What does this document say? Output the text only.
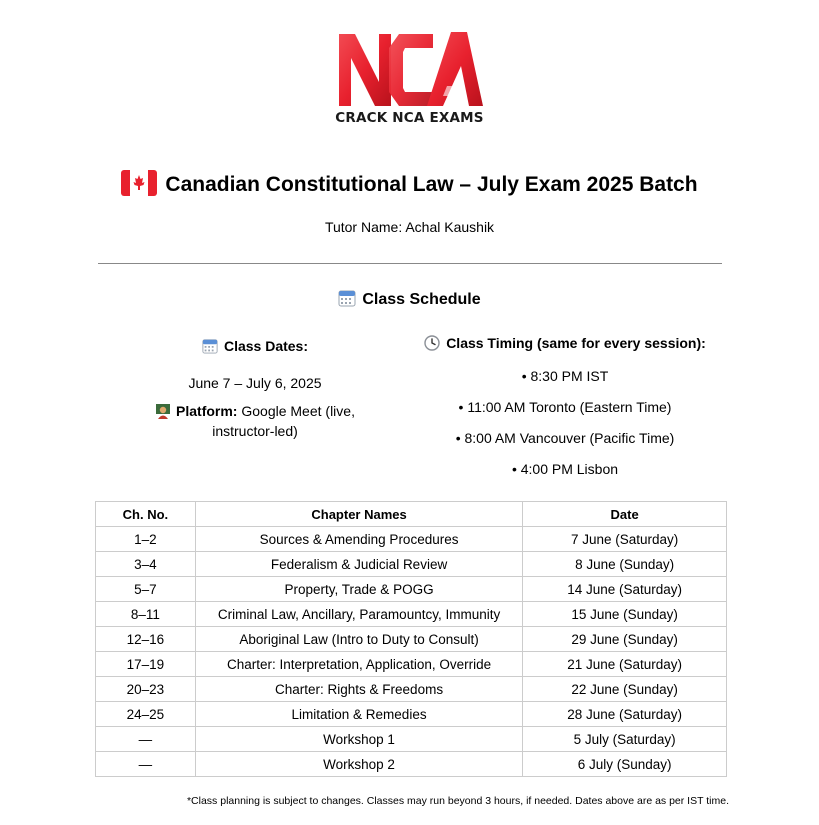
CRACK NCA EXAMS
Canadian Constitutional Law – July Exam 2025 Batch
Tutor Name: Achal Kaushik
Class Schedule
Class Dates:
June 7 – July 6, 2025
Platform: Google Meet (live, instructor-led)
Class Timing (same for every session):
• 8:30 PM IST
• 11:00 AM Toronto (Eastern Time)
• 8:00 AM Vancouver (Pacific Time)
• 4:00 PM Lisbon
Ch. No.	Chapter Names	Date
1–2	Sources & Amending Procedures	7 June (Saturday)
3–4	Federalism & Judicial Review	8 June (Sunday)
5–7	Property, Trade & POGG	14 June (Saturday)
8–11	Criminal Law, Ancillary, Paramountcy, Immunity	15 June (Sunday)
12–16	Aboriginal Law (Intro to Duty to Consult)	29 June (Sunday)
17–19	Charter: Interpretation, Application, Override	21 June (Saturday)
20–23	Charter: Rights & Freedoms	22 June (Sunday)
24–25	Limitation & Remedies	28 June (Saturday)
—	Workshop 1	5 July (Saturday)
—	Workshop 2	6 July (Sunday)
*Class planning is subject to changes. Classes may run beyond 3 hours, if needed. Dates above are as per IST time.
